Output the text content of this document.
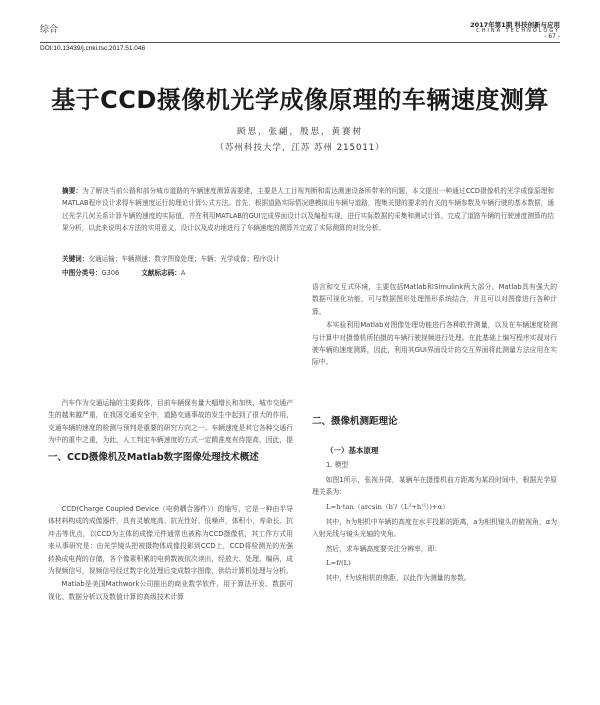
综合	2017年第1期 科技创新与应用
CHINA TECHNOLOGY
- 67 -
DOI:10.13439/j.cnki.tsc.2017.51.048
基于CCD摄像机光学成像原理的车辆速度测算
顾思，张翩，殷思，黄赛树
（苏州科技大学，江苏 苏州 215011）
摘要：为了解决当前公路和部分城市道路的车辆速度测算需要建，主要是人工目视判断和雷达测速设备所带来的问题，本文提出一种通过CCD摄像机的光学成像原理和MATLAB程序设计求得车辆速度运行的理论计算公式方法。首先，根据道路实际情况建模拟出车辆与道路，搜集关键的要求的有关的车辆参数及车辆行驶的基本数据，通过光学几何关系计算车辆的速度的实际值，并在利用MATLAB的GUI完成界面设计以及编程实现，进行实际数据的采集和测试计算，完成了道路车辆的行驶速度测算的结果分析，以此来说明本方法的实用意义，设计以及成功地进行了车辆速度的测算并完成了实际测算的对比分析。
关键词：交通运输；车辆测速；数字图像处理；车辆；光学成像；程序设计
中图分类号：G306	文献标志码：A

汽车作为交通运输的主要载体，目前车辆保有量大幅增长和加快，城市交通产生的越来越严重，在我国交通安全中，道路交通事故的发生中起到了很大的作用，交通车辆的速度的检测与预判是重要的研究方向之一。车辆速度是其它各种交通行为中的重中之重，为此，人工判定车辆速度的方式一定精准度有待提高，因此，提

一、CCD摄像机及Matlab数字图像处理技术概述

CCD(Charge Coupled Device（电荷耦合器件））的缩写，它是一种由半导体材料构成的成像器件，具有灵敏度高、抗光性好、低噪声，体积小、寿命长、抗冲击等优点，以CCD为主体的成像元件通常也被称为CCD摄像机，其工作方式用来从事研究是：由光学镜头把被摄物体成像投影到CCD上，CCD将检测光的光强转换成电荷的存储，各个像素积累的电荷数被依次读出，经放大、处理、编码，成为视频信号，视频信号经过数字化处理后变成数字图像，供给计算机处理与分析。

Matlab是美国Mathwork公司推出的商业数学软件，用于算法开发、数据可视化、数据分析以及数值计算的高级技术计算

语言和交互式环境，主要包括Matlab和Simulink两大部分。Matlab具有强大的数据可视化功能，可与数据图形处理图形系统结合，并且可以对图像进行各种计算。

本实验利用Matlab对图像处理功能进行各种软件测量，以及在车辆速度检测与计算中对摄像机所拍摄的车辆行驶视频进行处理。在此基础上编写程序实现对行驶车辆的速度测算，因此，利用其GUI界面设计的交互界面将此测量方法应用在实际中。

二、摄像机测距理论
（一）基本原理
1. 模型

如图1所示，张视升降，某辆车在摄像机前方距离为某段时间中，根据光学原理关系为：

L=h·tan（arcsin（h'/（L²+h'²）)+α）

其中，h为相机中车辆的高度在水平投影的距离，a为相机镜头的俯视角，α为入射光线与镜头光轴的夹角。

然后，求车辆高度要关注分辨率，即：

L=f/(L)

其中，f为该相机的焦距，以此作为测量的参数。
